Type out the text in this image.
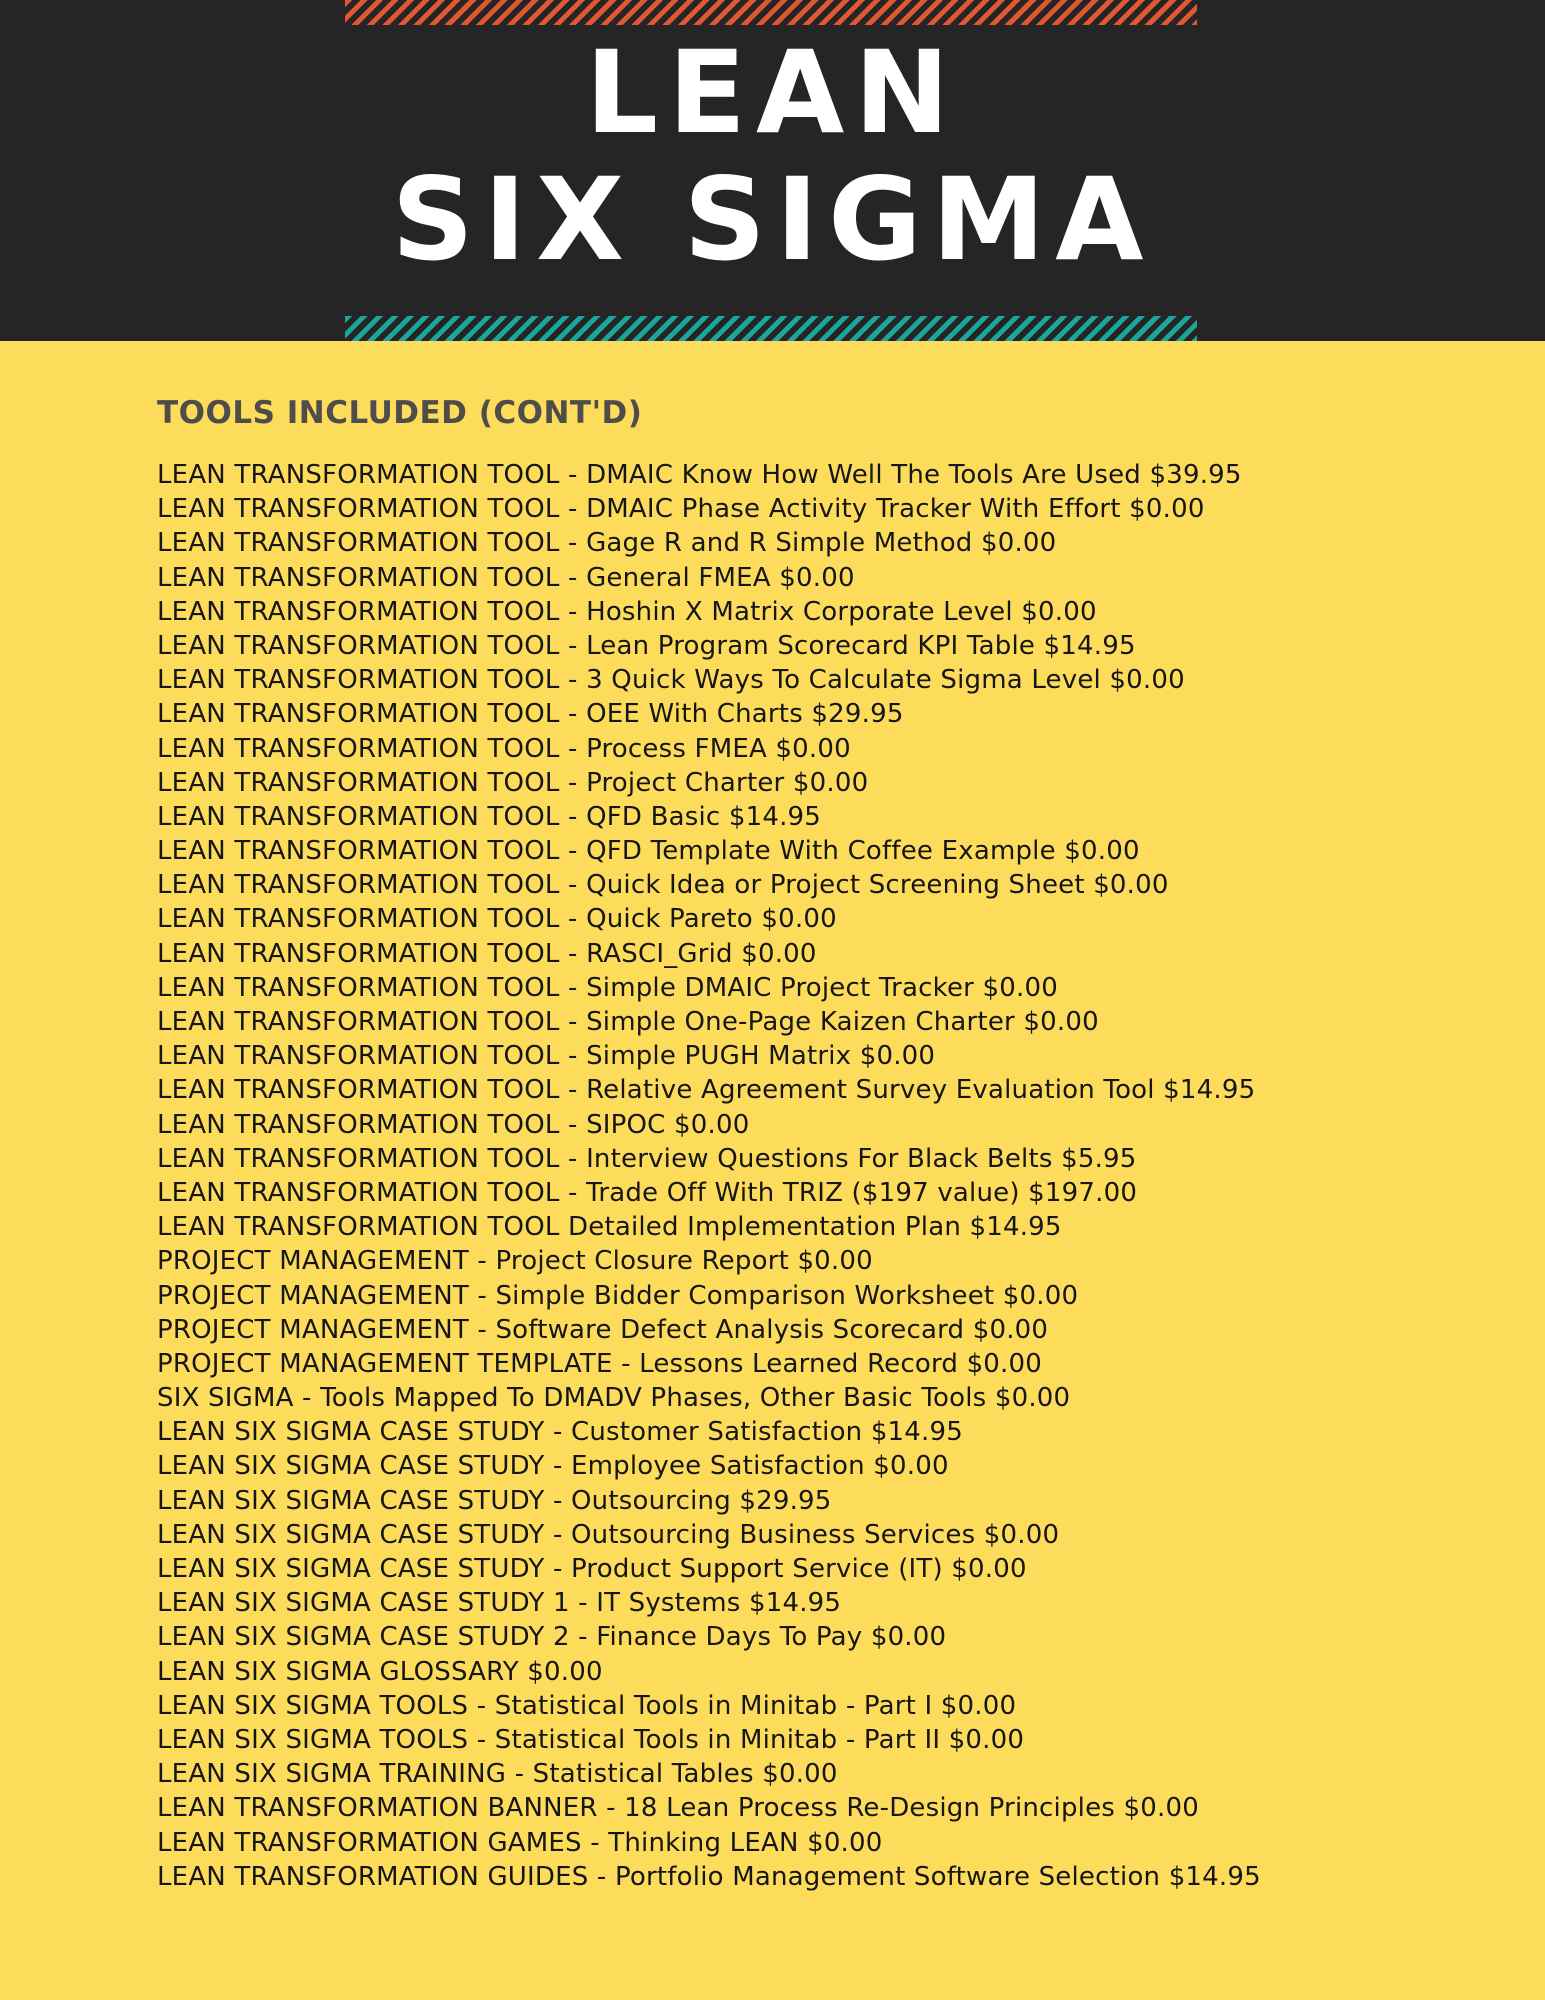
LEAN
SIX SIGMA
TOOLS INCLUDED (CONT'D)
LEAN TRANSFORMATION TOOL - DMAIC Know How Well The Tools Are Used $39.95
LEAN TRANSFORMATION TOOL - DMAIC Phase Activity Tracker With Effort $0.00
LEAN TRANSFORMATION TOOL - Gage R and R Simple Method $0.00
LEAN TRANSFORMATION TOOL - General FMEA $0.00
LEAN TRANSFORMATION TOOL - Hoshin X Matrix Corporate Level $0.00
LEAN TRANSFORMATION TOOL - Lean Program Scorecard KPI Table $14.95
LEAN TRANSFORMATION TOOL - 3 Quick Ways To Calculate Sigma Level $0.00
LEAN TRANSFORMATION TOOL - OEE With Charts $29.95
LEAN TRANSFORMATION TOOL - Process FMEA $0.00
LEAN TRANSFORMATION TOOL - Project Charter $0.00
LEAN TRANSFORMATION TOOL - QFD Basic $14.95
LEAN TRANSFORMATION TOOL - QFD Template With Coffee Example $0.00
LEAN TRANSFORMATION TOOL - Quick Idea or Project Screening Sheet $0.00
LEAN TRANSFORMATION TOOL - Quick Pareto $0.00
LEAN TRANSFORMATION TOOL - RASCI_Grid $0.00
LEAN TRANSFORMATION TOOL - Simple DMAIC Project Tracker $0.00
LEAN TRANSFORMATION TOOL - Simple One-Page Kaizen Charter $0.00
LEAN TRANSFORMATION TOOL - Simple PUGH Matrix $0.00
LEAN TRANSFORMATION TOOL - Relative Agreement Survey Evaluation Tool $14.95
LEAN TRANSFORMATION TOOL - SIPOC $0.00
LEAN TRANSFORMATION TOOL - Interview Questions For Black Belts $5.95
LEAN TRANSFORMATION TOOL - Trade Off With TRIZ ($197 value) $197.00
LEAN TRANSFORMATION TOOL Detailed Implementation Plan $14.95
PROJECT MANAGEMENT - Project Closure Report $0.00
PROJECT MANAGEMENT - Simple Bidder Comparison Worksheet $0.00
PROJECT MANAGEMENT - Software Defect Analysis Scorecard $0.00
PROJECT MANAGEMENT TEMPLATE - Lessons Learned Record $0.00
SIX SIGMA - Tools Mapped To DMADV Phases, Other Basic Tools $0.00
LEAN SIX SIGMA CASE STUDY - Customer Satisfaction $14.95
LEAN SIX SIGMA CASE STUDY - Employee Satisfaction $0.00
LEAN SIX SIGMA CASE STUDY - Outsourcing $29.95
LEAN SIX SIGMA CASE STUDY - Outsourcing Business Services $0.00
LEAN SIX SIGMA CASE STUDY - Product Support Service (IT) $0.00
LEAN SIX SIGMA CASE STUDY 1 - IT Systems $14.95
LEAN SIX SIGMA CASE STUDY 2 - Finance Days To Pay $0.00
LEAN SIX SIGMA GLOSSARY $0.00
LEAN SIX SIGMA TOOLS - Statistical Tools in Minitab - Part I $0.00
LEAN SIX SIGMA TOOLS - Statistical Tools in Minitab - Part II $0.00
LEAN SIX SIGMA TRAINING - Statistical Tables $0.00
LEAN TRANSFORMATION BANNER - 18 Lean Process Re-Design Principles $0.00
LEAN TRANSFORMATION GAMES - Thinking LEAN $0.00
LEAN TRANSFORMATION GUIDES - Portfolio Management Software Selection $14.95
